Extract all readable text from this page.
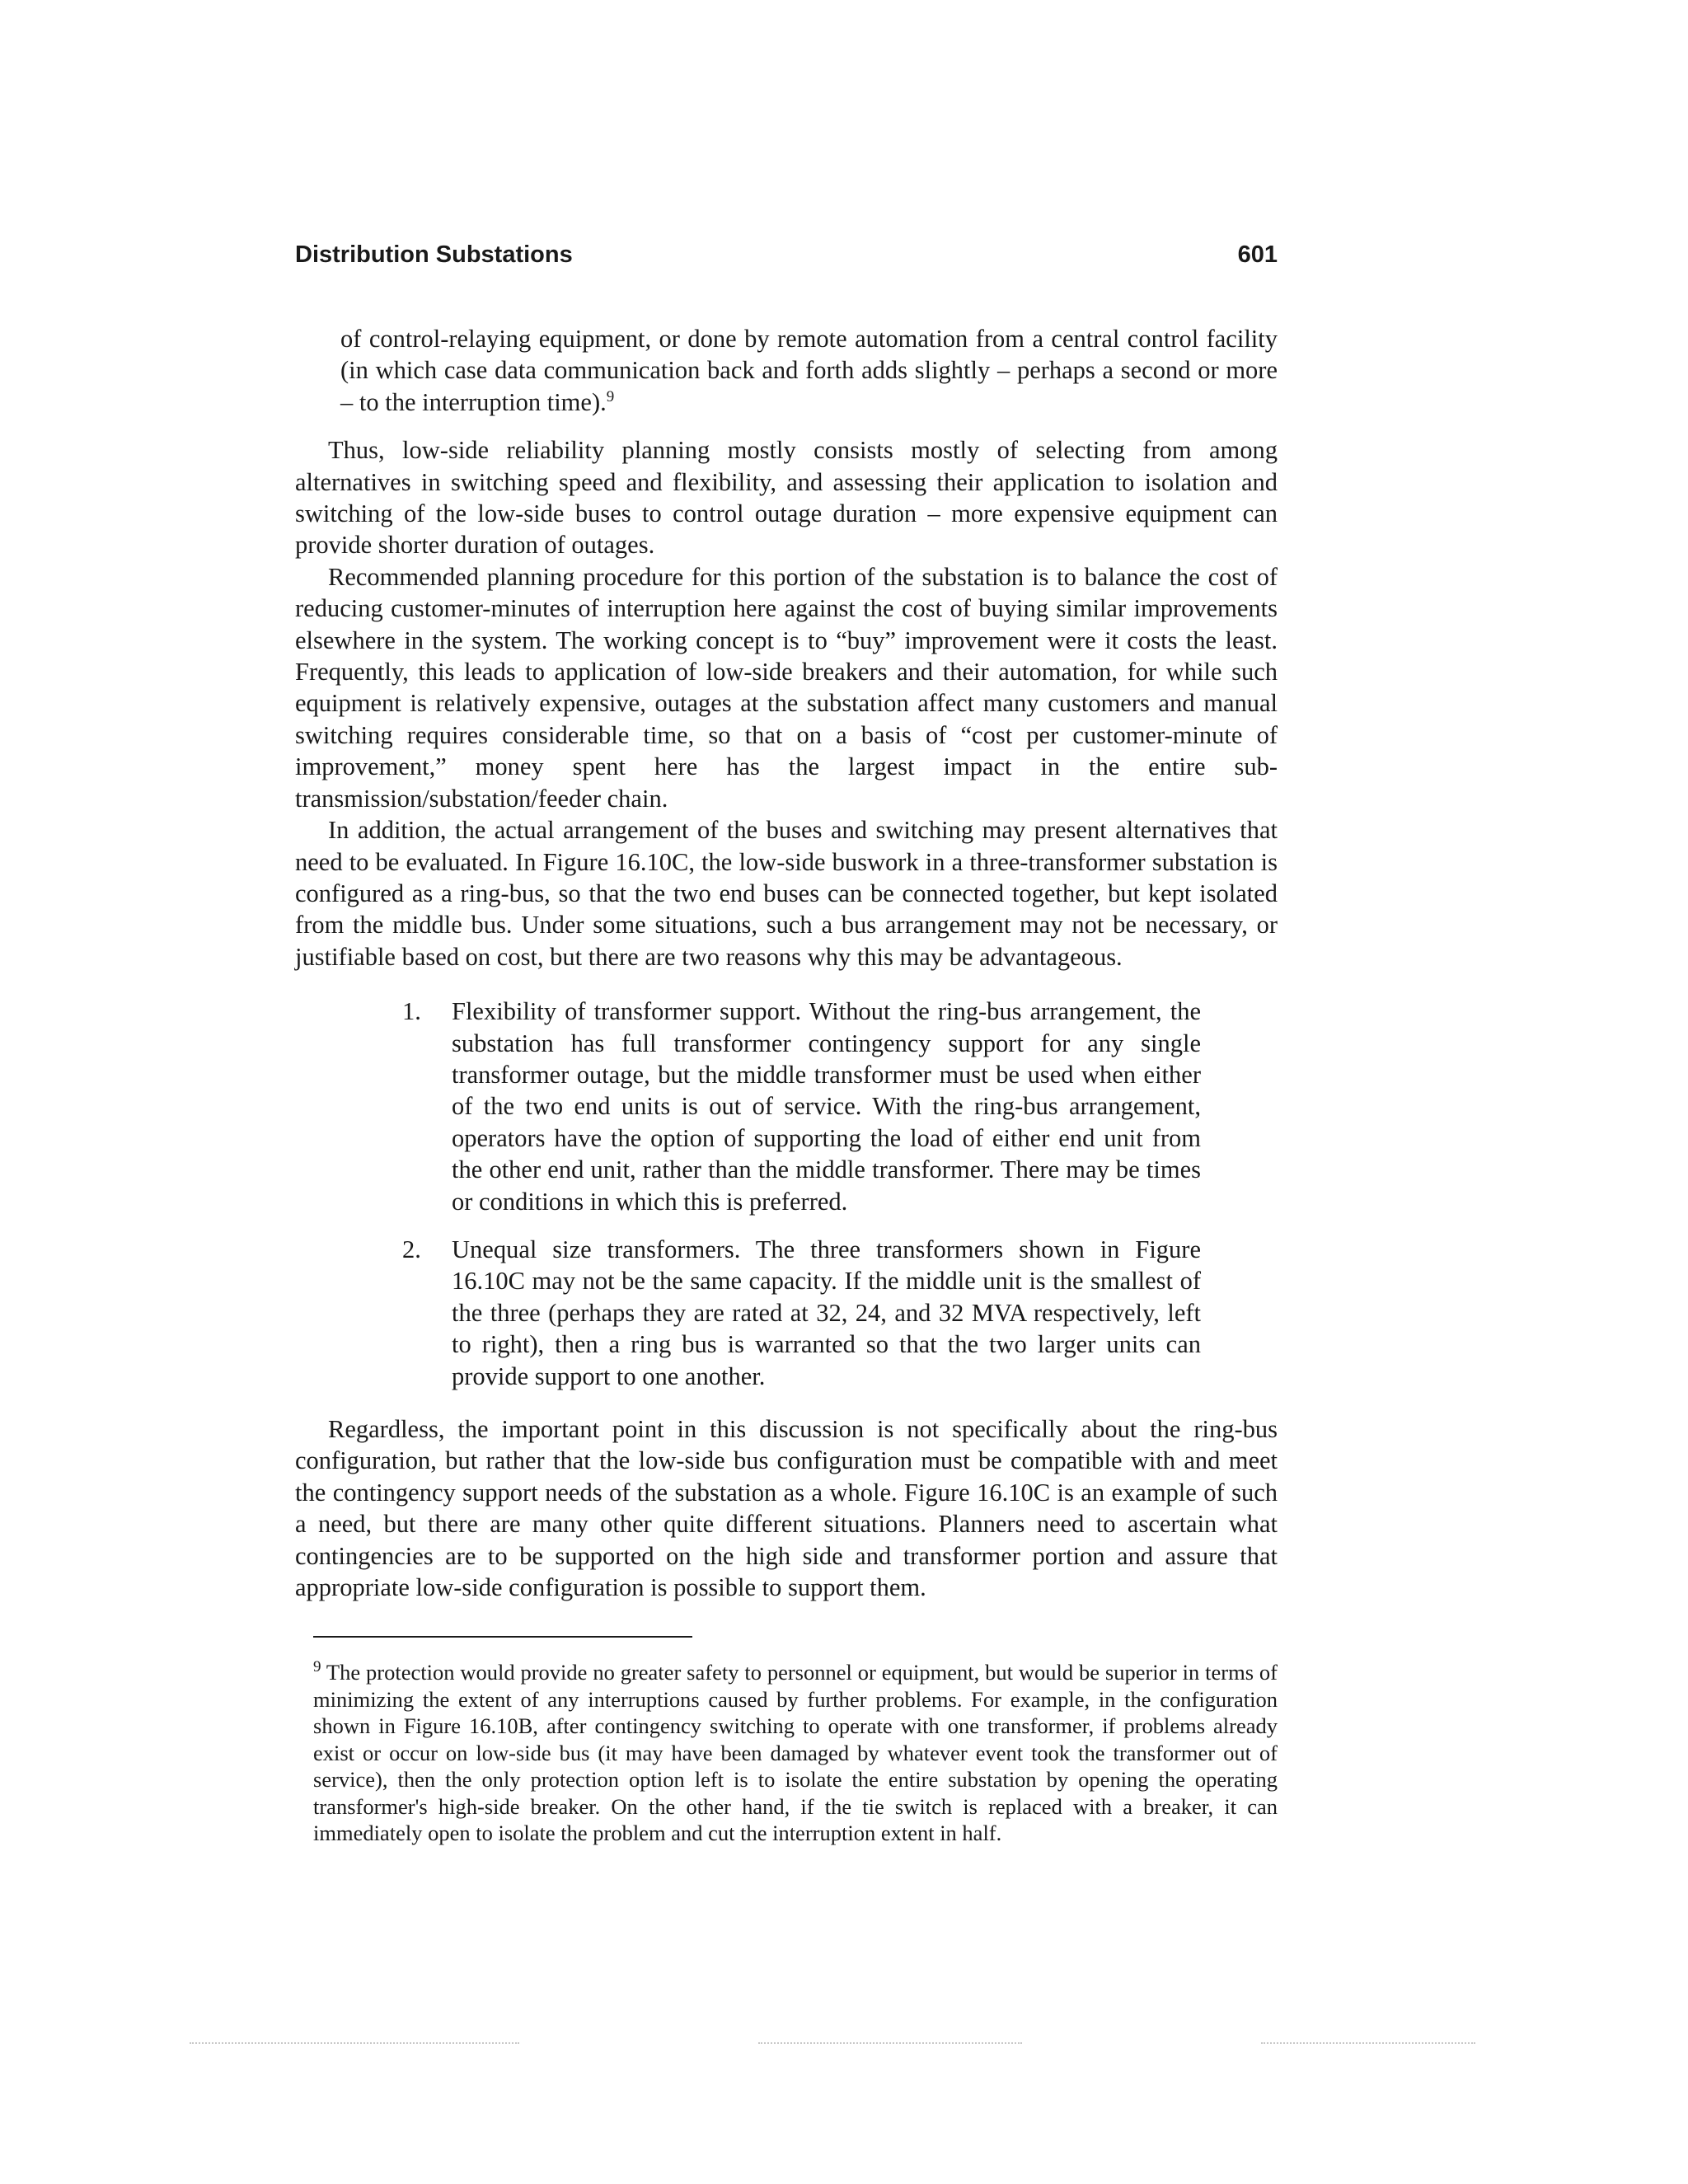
Distribution Substations	601

of control-relaying equipment, or done by remote automation from a central control facility (in which case data communication back and forth adds slightly – perhaps a second or more – to the interruption time).$^9$

Thus, low-side reliability planning mostly consists mostly of selecting from among alternatives in switching speed and flexibility, and assessing their application to isolation and switching of the low-side buses to control outage duration – more expensive equipment can provide shorter duration of outages.

Recommended planning procedure for this portion of the substation is to balance the cost of reducing customer-minutes of interruption here against the cost of buying similar improvements elsewhere in the system. The working concept is to “buy” improvement were it costs the least. Frequently, this leads to application of low-side breakers and their automation, for while such equipment is relatively expensive, outages at the substation affect many customers and manual switching requires considerable time, so that on a basis of “cost per customer-minute of improvement,” money spent here has the largest impact in the entire sub-transmission/substation/feeder chain.

In addition, the actual arrangement of the buses and switching may present alternatives that need to be evaluated. In Figure 16.10C, the low-side buswork in a three-transformer substation is configured as a ring-bus, so that the two end buses can be connected together, but kept isolated from the middle bus. Under some situations, such a bus arrangement may not be necessary, or justifiable based on cost, but there are two reasons why this may be advantageous.

1. Flexibility of transformer support. Without the ring-bus arrangement, the substation has full transformer contingency support for any single transformer outage, but the middle transformer must be used when either of the two end units is out of service. With the ring-bus arrangement, operators have the option of supporting the load of either end unit from the other end unit, rather than the middle transformer. There may be times or conditions in which this is preferred.
2. Unequal size transformers. The three transformers shown in Figure 16.10C may not be the same capacity. If the middle unit is the smallest of the three (perhaps they are rated at 32, 24, and 32 MVA respectively, left to right), then a ring bus is warranted so that the two larger units can provide support to one another.

Regardless, the important point in this discussion is not specifically about the ring-bus configuration, but rather that the low-side bus configuration must be compatible with and meet the contingency support needs of the substation as a whole. Figure 16.10C is an example of such a need, but there are many other quite different situations. Planners need to ascertain what contingencies are to be supported on the high side and transformer portion and assure that appropriate low-side configuration is possible to support them.

$^9$ The protection would provide no greater safety to personnel or equipment, but would be superior in terms of minimizing the extent of any interruptions caused by further problems. For example, in the configuration shown in Figure 16.10B, after contingency switching to operate with one transformer, if problems already exist or occur on low-side bus (it may have been damaged by whatever event took the transformer out of service), then the only protection option left is to isolate the entire substation by opening the operating transformer's high-side breaker. On the other hand, if the tie switch is replaced with a breaker, it can immediately open to isolate the problem and cut the interruption extent in half.
